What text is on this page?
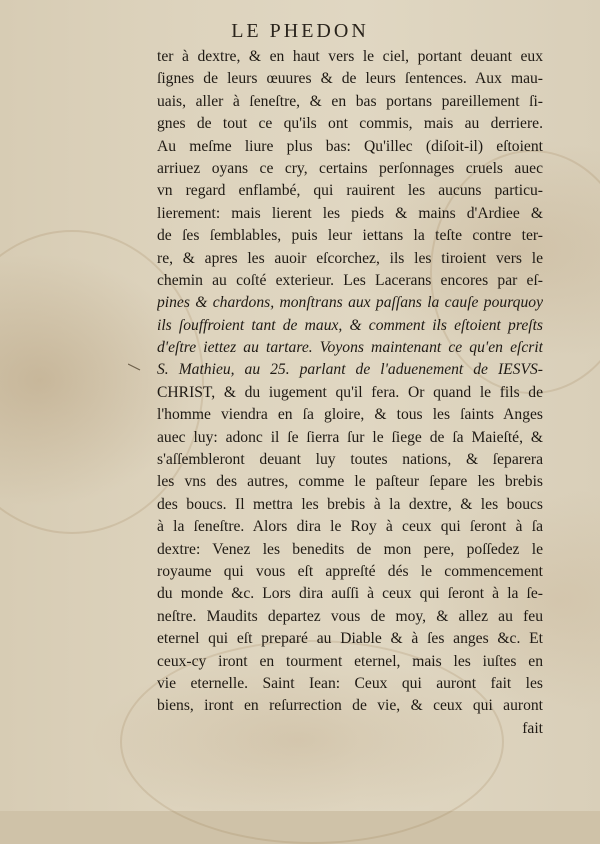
LE PHEDON
ter à dextre, & en haut vers le ciel, portant deuant eux
ſignes de leurs œuures & de leurs ſentences. Aux mau-
uais, aller à ſeneſtre, & en bas portans pareillement ſi-
gnes de tout ce qu'ils ont commis, mais au derriere.
Au meſme liure plus bas: Qu'illec (diſoit-il) eſtoient
arriuez oyans ce cry, certains perſonnages cruels auec
vn regard enflambé, qui rauirent les aucuns particu-
lierement: mais lierent les pieds & mains d'Ardiee &
de ſes ſemblables, puis leur iettans la teſte contre ter-
re, & apres les auoir eſcorchez, ils les tiroient vers le
chemin au coſté exterieur. Les Lacerans encores par eſ-
pines & chardons, monſtrans aux paſſans la cauſe pourquoy
ils ſouffroient tant de maux, & comment ils eſtoient preſts
d'eſtre iettez au tartare. Voyons maintenant ce qu'en eſcrit
S. Mathieu, au 25. parlant de l'aduenement de IESVS-
CHRIST, & du iugement qu'il fera. Or quand le fils de
l'homme viendra en ſa gloire, & tous les ſaints Anges
auec luy: adonc il ſe ſierra ſur le ſiege de ſa Maieſté, &
s'aſſembleront deuant luy toutes nations, & ſeparera
les vns des autres, comme le paſteur ſepare les brebis
des boucs. Il mettra les brebis à la dextre, & les boucs
à la ſeneſtre. Alors dira le Roy à ceux qui ſeront à ſa
dextre: Venez les benedits de mon pere, poſſedez le
royaume qui vous eſt appreſté dés le commencement
du monde &c. Lors dira auſſi à ceux qui ſeront à la ſe-
neſtre. Maudits departez vous de moy, & allez au feu
eternel qui eſt preparé au Diable & à ſes anges &c. Et
ceux-cy iront en tourment eternel, mais les iuſtes en
vie eternelle. Saint Iean: Ceux qui auront fait les
biens, iront en reſurrection de vie, & ceux qui auront
fait
